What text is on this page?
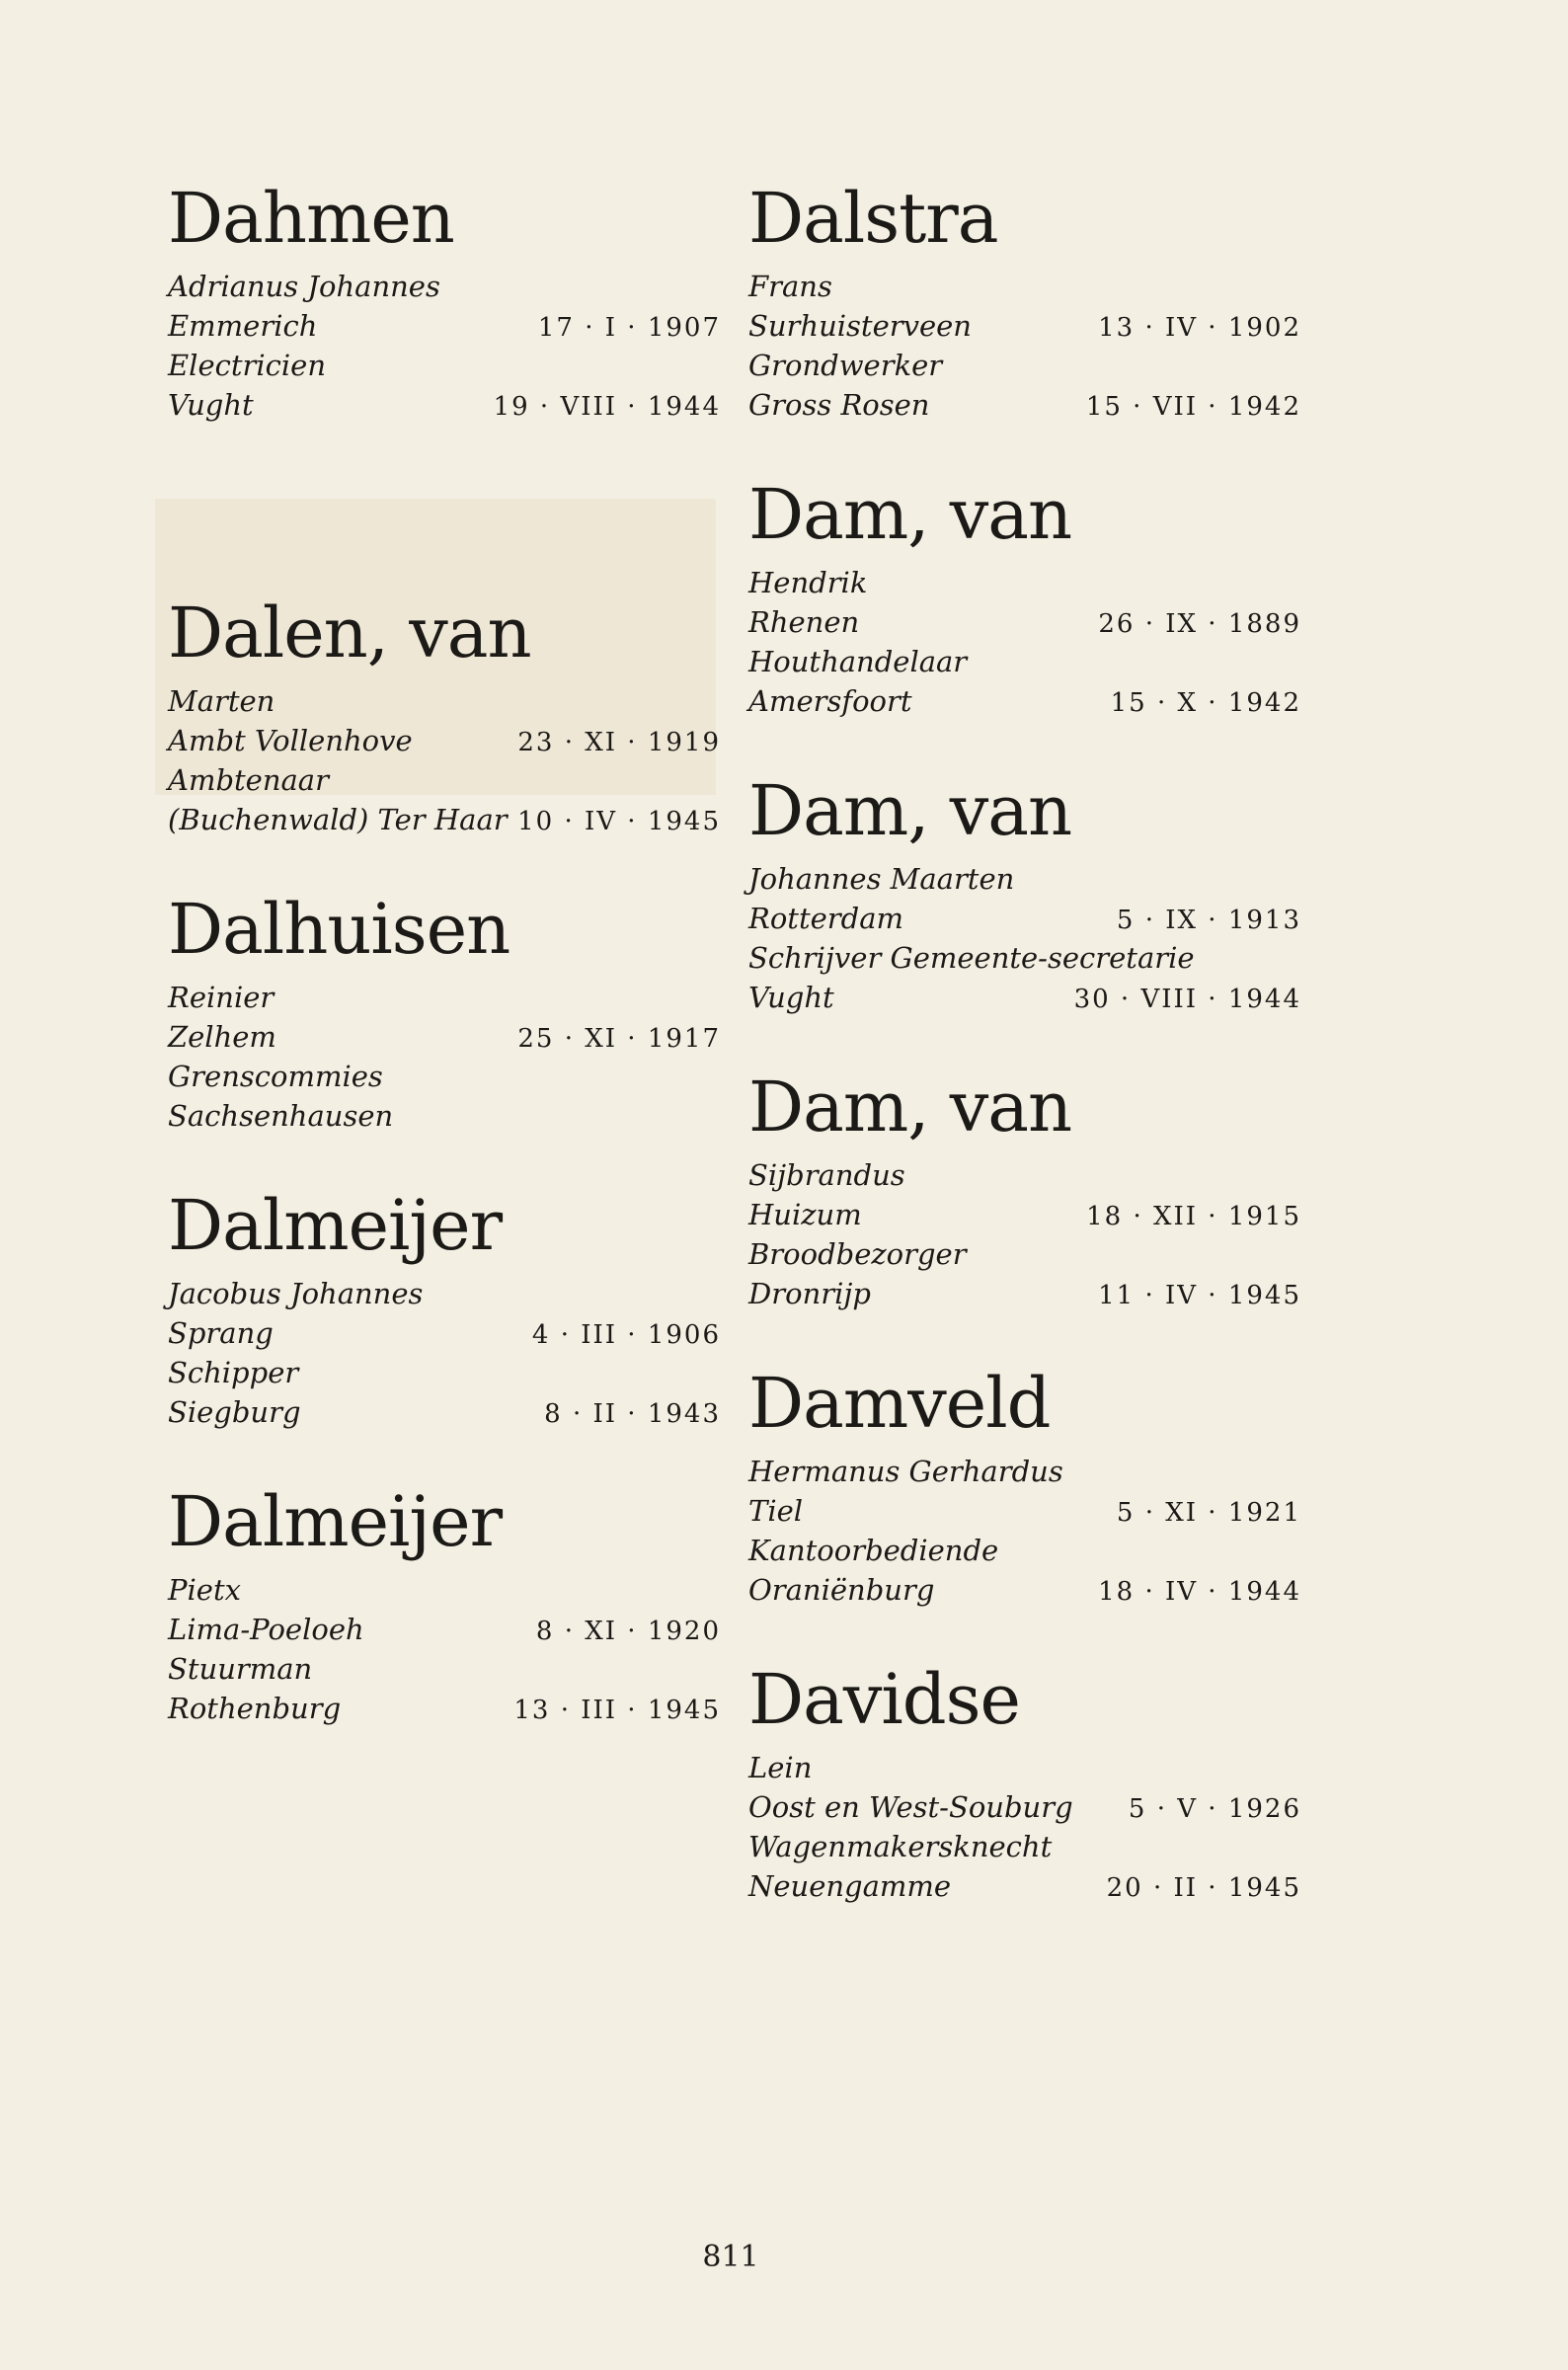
Dahmen
Adrianus Johannes
Emmerich	17 · I · 1907
Electricien
Vught	19 · VIII · 1944
Dalen, van
Marten
Ambt Vollenhove	23 · XI · 1919
Ambtenaar
(Buchenwald) Ter Haar 10 · IV · 1945
Dalhuisen
Reinier
Zelhem	25 · XI · 1917
Grenscommies
Sachsenhausen
Dalmeijer
Jacobus Johannes
Sprang	4 · III · 1906
Schipper
Siegburg	8 · II · 1943
Dalmeijer
Pietx
Lima-Poeloeh	8 · XI · 1920
Stuurman
Rothenburg	13 · III · 1945
Dalstra
Frans
Surhuisterveen	13 · IV · 1902
Grondwerker
Gross Rosen	15 · VII · 1942
Dam, van
Hendrik
Rhenen	26 · IX · 1889
Houthandelaar
Amersfoort	15 · X · 1942
Dam, van
Johannes Maarten
Rotterdam	5 · IX · 1913
Schrijver Gemeente-secretarie
Vught	30 · VIII · 1944
Dam, van
Sijbrandus
Huizum	18 · XII · 1915
Broodbezorger
Dronrijp	11 · IV · 1945
Damveld
Hermanus Gerhardus
Tiel	5 · XI · 1921
Kantoorbediende
Oraniënburg	18 · IV · 1944
Davidse
Lein
Oost en West-Souburg 5 · V · 1926
Wagenmakersknecht
Neuengamme	20 · II · 1945
811
